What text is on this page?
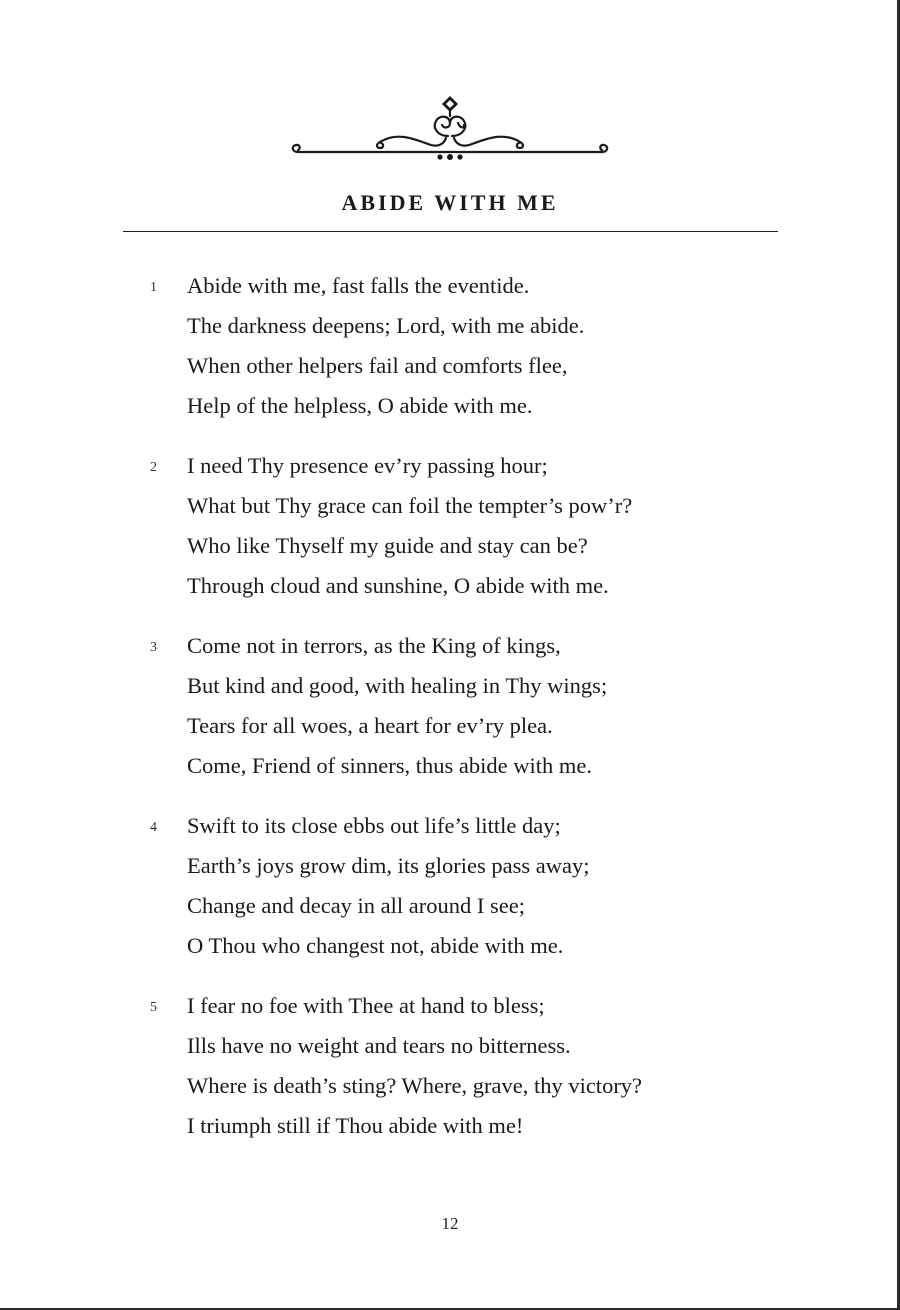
ABIDE WITH ME
1 Abide with me, fast falls the eventide.
The darkness deepens; Lord, with me abide.
When other helpers fail and comforts flee,
Help of the helpless, O abide with me.
2 I need Thy presence ev’ry passing hour;
What but Thy grace can foil the tempter’s pow’r?
Who like Thyself my guide and stay can be?
Through cloud and sunshine, O abide with me.
3 Come not in terrors, as the King of kings,
But kind and good, with healing in Thy wings;
Tears for all woes, a heart for ev’ry plea.
Come, Friend of sinners, thus abide with me.
4 Swift to its close ebbs out life’s little day;
Earth’s joys grow dim, its glories pass away;
Change and decay in all around I see;
O Thou who changest not, abide with me.
5 I fear no foe with Thee at hand to bless;
Ills have no weight and tears no bitterness.
Where is death’s sting? Where, grave, thy victory?
I triumph still if Thou abide with me!
12
